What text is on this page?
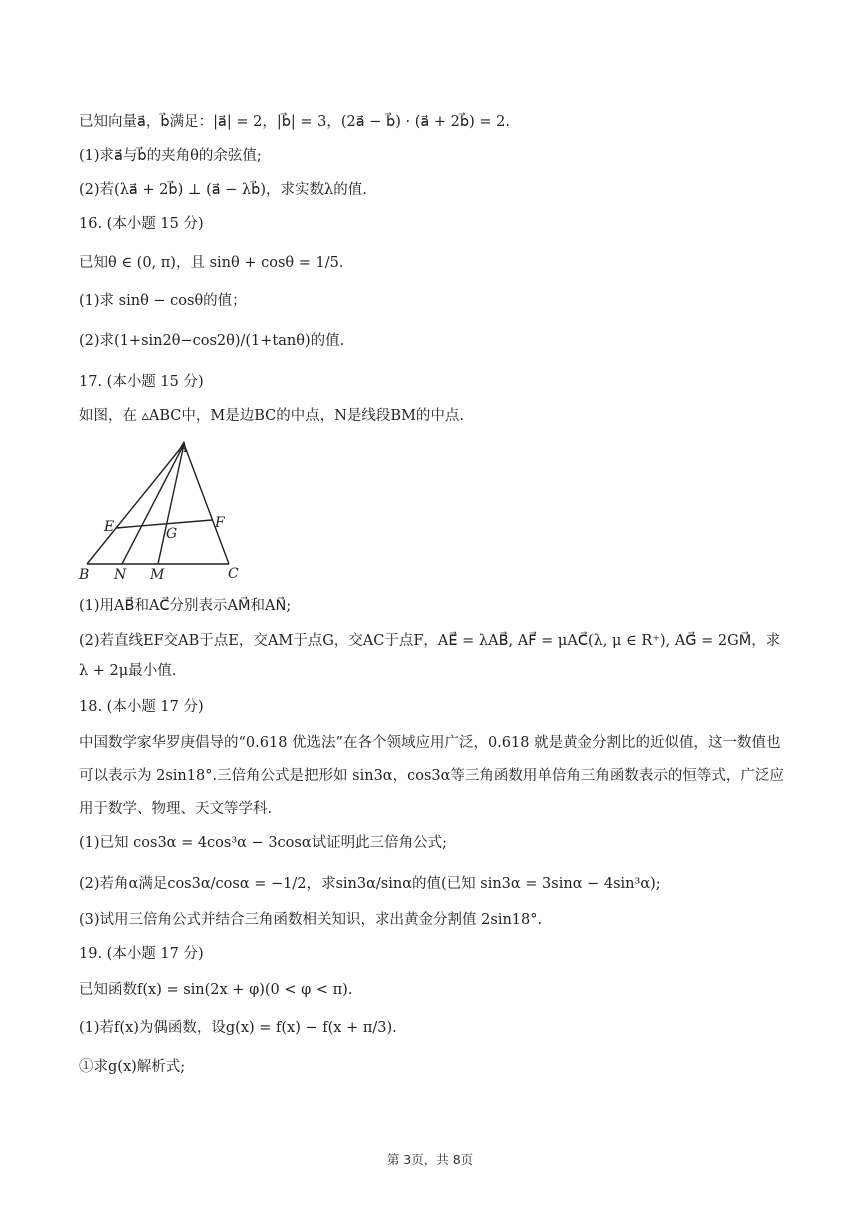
已知向量a⃗，b⃗满足：|a⃗| = 2，|b⃗| = 3，(2a⃗ − b⃗) · (a⃗ + 2b⃗) = 2.
(1)求a⃗与b⃗的夹角θ的余弦值;
(2)若(λa⃗ + 2b⃗) ⊥ (a⃗ − λb⃗)，求实数λ的值.
16. (本小题 15 分)
已知θ ∈ (0, π)，且 sinθ + cosθ = 1/5.
(1)求 sinθ − cosθ的值；
(2)求(1+sin2θ−cos2θ)/(1+tanθ)的值.
17. (本小题 15 分)
如图，在 ▵ABC中，M是边BC的中点，N是线段BM的中点.
A
B N M	C
E	F
G
(1)用AB⃗和AC⃗分别表示AM⃗和AN⃗;
(2)若直线EF交AB于点E，交AM于点G，交AC于点F，AE⃗ = λAB⃗, AF⃗ = μAC⃗(λ, μ ∈ R⁺), AG⃗ = 2GM⃗，求λ + 2μ最小值.
18. (本小题 17 分)
中国数学家华罗庚倡导的“0.618 优选法”在各个领域应用广泛，0.618 就是黄金分割比的近似值，这一数值也可以表示为 2sin18°.三倍角公式是把形如 sin3α，cos3α等三角函数用单倍角三角函数表示的恒等式，广泛应用于数学、物理、天文等学科.
(1)已知 cos3α = 4cos³α − 3cosα试证明此三倍角公式;
(2)若角α满足cos3α/cosα = −1/2，求sin3α/sinα的值(已知 sin3α = 3sinα − 4sin³α);
(3)试用三倍角公式并结合三角函数相关知识，求出黄金分割值 2sin18°.
19. (本小题 17 分)
已知函数f(x) = sin(2x + φ)(0 < φ < π).
(1)若f(x)为偶函数，设g(x) = f(x) − f(x + π/3).
①求g(x)解析式;
第 3页，共 8页
